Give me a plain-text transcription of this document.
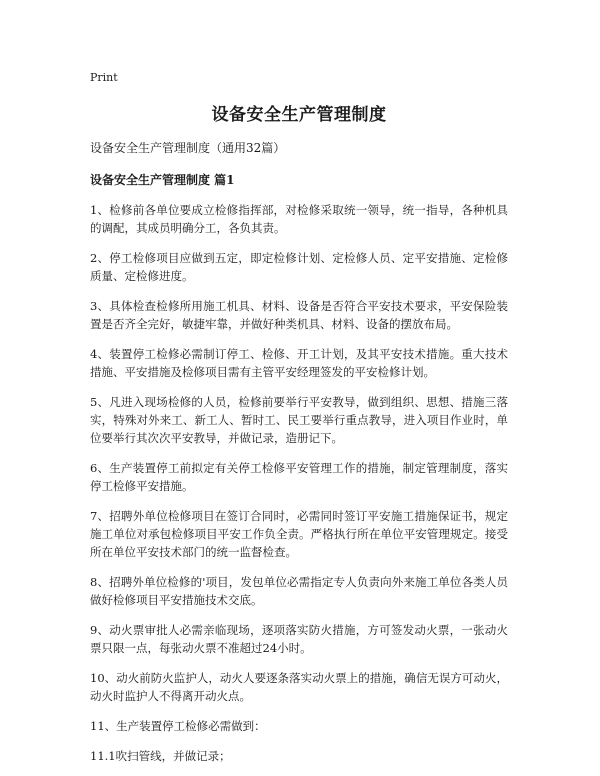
Print
设备安全生产管理制度
设备安全生产管理制度（通用32篇）
设备安全生产管理制度 篇1

1、检修前各单位要成立检修指挥部，对检修采取统一领导，统一指导，各种机具的调配，其成员明确分工，各负其责。

2、停工检修项目应做到五定，即定检修计划、定检修人员、定平安措施、定检修质量、定检修进度。

3、具体检查检修所用施工机具、材料、设备是否符合平安技术要求，平安保险装置是否齐全完好，敏捷牢靠，并做好种类机具、材料、设备的摆放布局。

4、装置停工检修必需制订停工、检修、开工计划，及其平安技术措施。重大技术措施、平安措施及检修项目需有主管平安经理签发的平安检修计划。

5、凡进入现场检修的人员，检修前要举行平安教导，做到组织、思想、措施三落实，特殊对外来工、新工人、暂时工、民工要举行重点教导，进入项目作业时，单位要举行其次次平安教导，并做记录，造册记下。

6、生产装置停工前拟定有关停工检修平安管理工作的措施，制定管理制度，落实停工检修平安措施。

7、招聘外单位检修项目在签订合同时，必需同时签订平安施工措施保证书，规定施工单位对承包检修项目平安工作负全责。严格执行所在单位平安管理规定。接受所在单位平安技术部门的统一监督检查。

8、招聘外单位检修的'项目，发包单位必需指定专人负责向外来施工单位各类人员做好检修项目平安措施技术交底。

9、动火票审批人必需亲临现场，逐项落实防火措施，方可签发动火票，一张动火票只限一点，每张动火票不准超过24小时。

10、动火前防火监护人，动火人要逐条落实动火票上的措施，确信无误方可动火，动火时监护人不得离开动火点。

11、生产装置停工检修必需做到：

11.1吹扫管线，并做记录；
